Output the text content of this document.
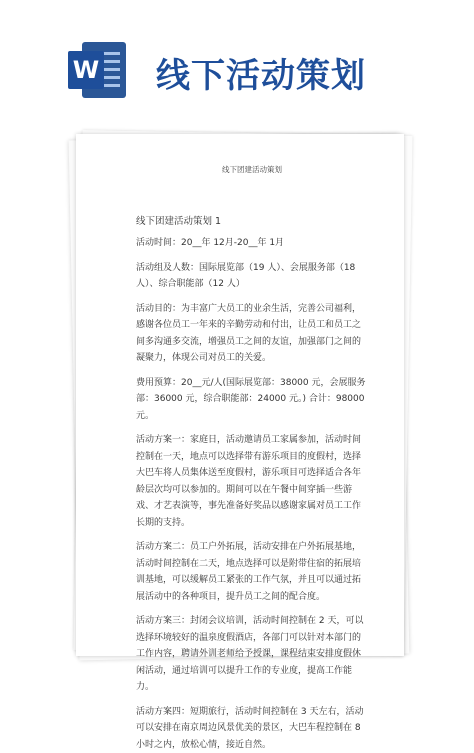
W 线下活动策划
线下团建活动策划
线下团建活动策划 1
活动时间：20__年 12月-20__年 1月
活动组及人数：国际展览部（19 人）、会展服务部（18 人）、综合职能部（12 人）
活动目的：为丰富广大员工的业余生活，完善公司福利，感谢各位员工一年来的辛勤劳动和付出，让员工和员工之间多沟通多交流，增强员工之间的友谊，加强部门之间的凝聚力，体现公司对员工的关爱。
费用预算：20__元/人(国际展览部：38000 元，会展服务部：36000 元，综合职能部：24000 元。) 合计：98000 元。
活动方案一：家庭日，活动邀请员工家属参加，活动时间控制在一天，地点可以选择带有游乐项目的度假村，选择大巴车将人员集体送至度假村，游乐项目可选择适合各年龄层次均可以参加的。期间可以在午餐中间穿插一些游戏、才艺表演等，事先准备好奖品以感谢家属对员工工作长期的支持。
活动方案二：员工户外拓展，活动安排在户外拓展基地，活动时间控制在二天，地点选择可以是附带住宿的拓展培训基地，可以缓解员工紧张的工作气氛，并且可以通过拓展活动中的各种项目，提升员工之间的配合度。
活动方案三：封闭会议培训，活动时间控制在 2 天，可以选择环境较好的温泉度假酒店，各部门可以针对本部门的工作内容，聘请外训老师给予授课，课程结束安排度假休闲活动，通过培训可以提升工作的专业度，提高工作能力。
活动方案四：短期旅行，活动时间控制在 3 天左右，活动可以安排在南京周边风景优美的景区，大巴车程控制在 8 小时之内，放松心情，接近自然。
